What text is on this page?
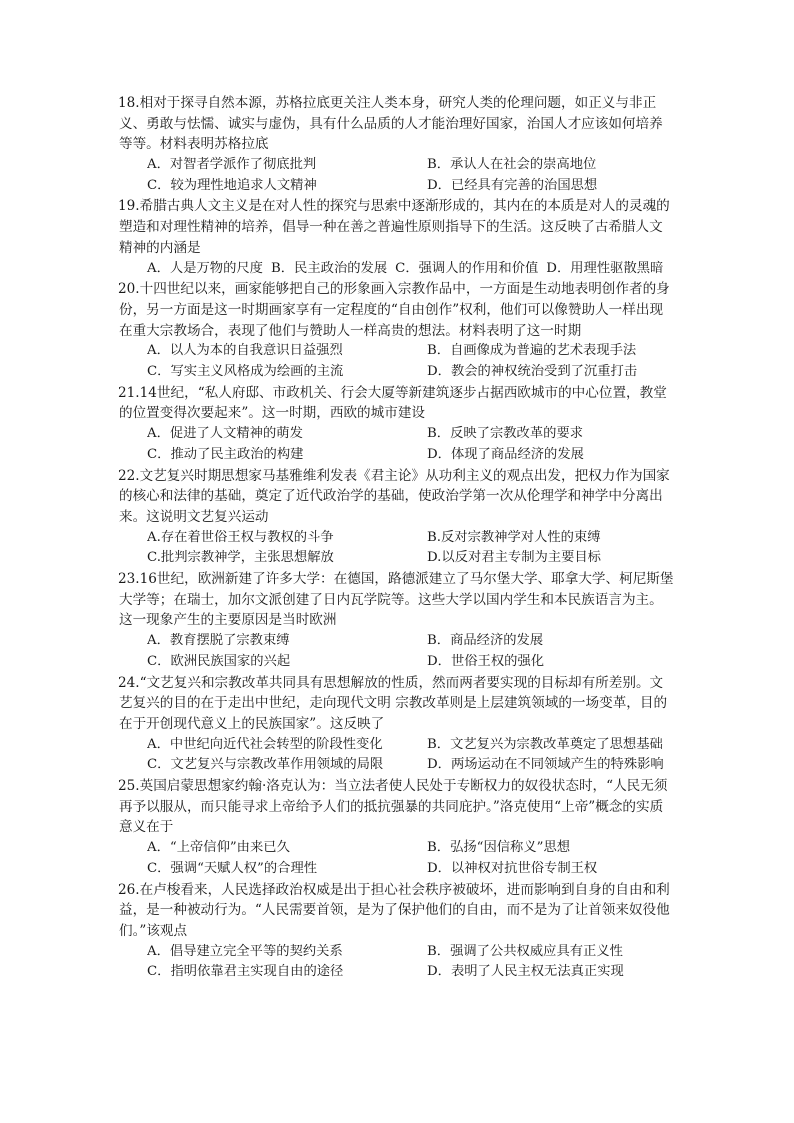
18.相对于探寻自然本源，苏格拉底更关注人类本身，研究人类的伦理问题，如正义与非正义、勇敢与怯懦、诚实与虚伪，具有什么品质的人才能治理好国家，治国人才应该如何培养等等。材料表明苏格拉底
A．对智者学派作了彻底批判	B．承认人在社会的崇高地位
C．较为理性地追求人文精神	D．已经具有完善的治国思想
19.希腊古典人文主义是在对人性的探究与思索中逐渐形成的，其内在的本质是对人的灵魂的塑造和对理性精神的培养，倡导一种在善之普遍性原则指导下的生活。这反映了古希腊人文精神的内涵是
A．人是万物的尺度 B．民主政治的发展 C．强调人的作用和价值 D．用理性驱散黑暗
20.十四世纪以来，画家能够把自己的形象画入宗教作品中，一方面是生动地表明创作者的身份，另一方面是这一时期画家享有一定程度的“自由创作”权利，他们可以像赞助人一样出现在重大宗教场合，表现了他们与赞助人一样高贵的想法。材料表明了这一时期
A．以人为本的自我意识日益强烈	B．自画像成为普遍的艺术表现手法
C．写实主义风格成为绘画的主流	D．教会的神权统治受到了沉重打击
21.14世纪，“私人府邸、市政机关、行会大厦等新建筑逐步占据西欧城市的中心位置，教堂的位置变得次要起来”。这一时期，西欧的城市建设
A．促进了人文精神的萌发	B．反映了宗教改革的要求
C．推动了民主政治的构建	D．体现了商品经济的发展
22.文艺复兴时期思想家马基雅维利发表《君主论》从功利主义的观点出发，把权力作为国家的核心和法律的基础，奠定了近代政治学的基础，使政治学第一次从伦理学和神学中分离出来。这说明文艺复兴运动
A.存在着世俗王权与教权的斗争	B.反对宗教神学对人性的束缚
C.批判宗教神学，主张思想解放	D.以反对君主专制为主要目标
23.16世纪，欧洲新建了许多大学：在德国，路德派建立了马尔堡大学、耶拿大学、柯尼斯堡大学等；在瑞士，加尔文派创建了日内瓦学院等。这些大学以国内学生和本民族语言为主。这一现象产生的主要原因是当时欧洲
A．教育摆脱了宗教束缚	B．商品经济的发展
C．欧洲民族国家的兴起	D．世俗王权的强化
24.“文艺复兴和宗教改革共同具有思想解放的性质，然而两者要实现的目标却有所差别。文艺复兴的目的在于走出中世纪，走向现代文明 宗教改革则是上层建筑领域的一场变革，目的在于开创现代意义上的民族国家”。这反映了
A．中世纪向近代社会转型的阶段性变化	B．文艺复兴为宗教改革奠定了思想基础
C．文艺复兴与宗教改革作用领域的局限	D．两场运动在不同领域产生的特殊影响
25.英国启蒙思想家约翰·洛克认为：当立法者使人民处于专断权力的奴役状态时，“人民无须再予以服从，而只能寻求上帝给予人们的抵抗强暴的共同庇护。”洛克使用“上帝”概念的实质意义在于
A．“上帝信仰”由来已久	B．弘扬“因信称义”思想
C．强调“天赋人权”的合理性	D．以神权对抗世俗专制王权
26.在卢梭看来，人民选择政治权威是出于担心社会秩序被破坏，进而影响到自身的自由和利益，是一种被动行为。“人民需要首领，是为了保护他们的自由，而不是为了让首领来奴役他们。”该观点
A．倡导建立完全平等的契约关系	B．强调了公共权威应具有正义性
C．指明依靠君主实现自由的途径	D．表明了人民主权无法真正实现
